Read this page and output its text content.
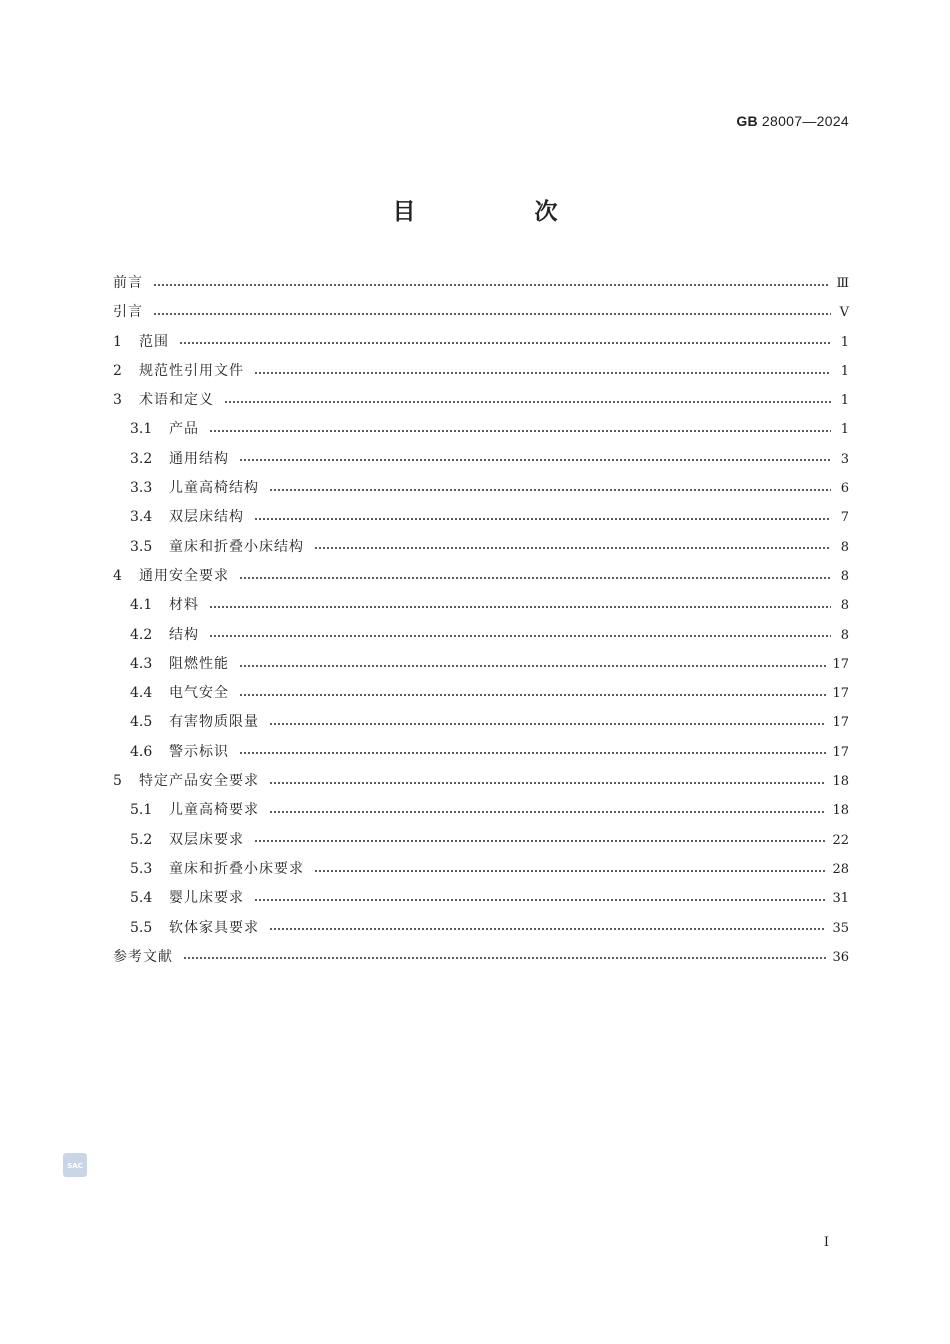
GB 28007—2024
目　次
前言	Ⅲ
引言	Ⅴ
1	范围	1
2	规范性引用文件	1
3	术语和定义	1
3.1	产品	1
3.2	通用结构	3
3.3	儿童高椅结构	6
3.4	双层床结构	7
3.5	童床和折叠小床结构	8
4	通用安全要求	8
4.1	材料	8
4.2	结构	8
4.3	阻燃性能	17
4.4	电气安全	17
4.5	有害物质限量	17
4.6	警示标识	17
5	特定产品安全要求	18
5.1	儿童高椅要求	18
5.2	双层床要求	22
5.3	童床和折叠小床要求	28
5.4	婴儿床要求	31
5.5	软体家具要求	35
参考文献	36
SAC
I
